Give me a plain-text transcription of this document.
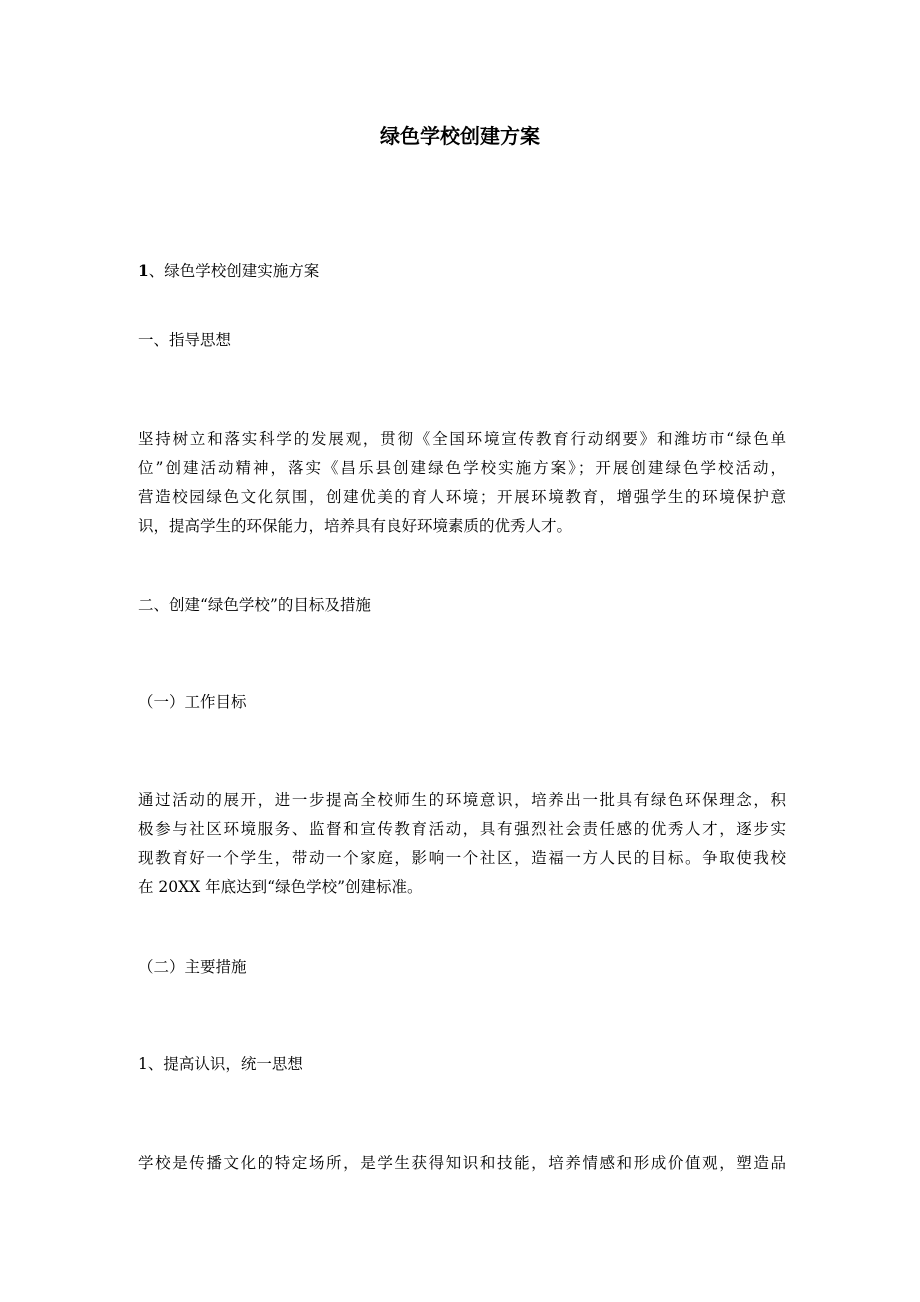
绿色学校创建方案

1、绿色学校创建实施方案

一、指导思想

坚持树立和落实科学的发展观，贯彻《全国环境宣传教育行动纲要》和潍坊市“绿色单
位”创建活动精神，落实《昌乐县创建绿色学校实施方案》；开展创建绿色学校活动，
营造校园绿色文化氛围，创建优美的育人环境；开展环境教育，增强学生的环境保护意
识，提高学生的环保能力，培养具有良好环境素质的优秀人才。

二、创建“绿色学校”的目标及措施

（一）工作目标

通过活动的展开，进一步提高全校师生的环境意识，培养出一批具有绿色环保理念，积
极参与社区环境服务、监督和宣传教育活动，具有强烈社会责任感的优秀人才，逐步实
现教育好一个学生，带动一个家庭，影响一个社区，造福一方人民的目标。争取使我校
在 20XX 年底达到“绿色学校”创建标准。

（二）主要措施

1、提高认识，统一思想

学校是传播文化的特定场所，是学生获得知识和技能，培养情感和形成价值观，塑造品
